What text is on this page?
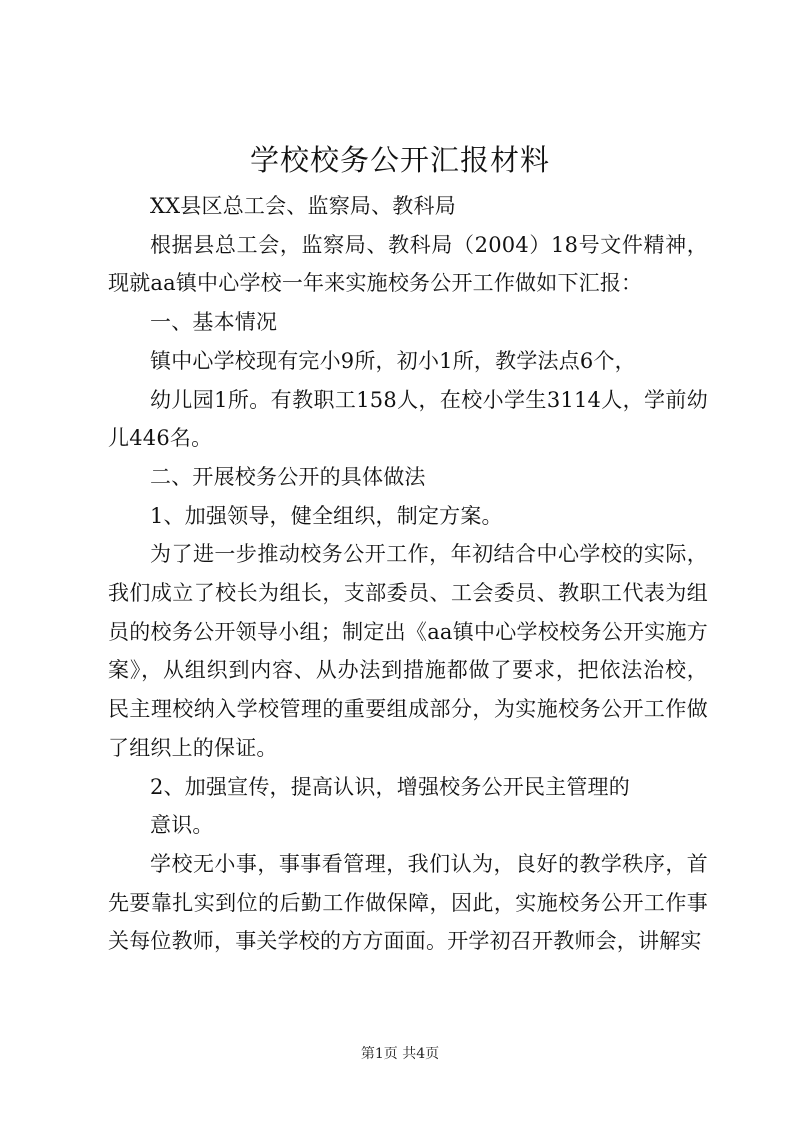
学校校务公开汇报材料

XX县区总工会、监察局、教科局

根据县总工会，监察局、教科局（2004）18号文件精神，现就aa镇中心学校一年来实施校务公开工作做如下汇报：

一、基本情况

镇中心学校现有完小9所，初小1所，教学法点6个，

幼儿园1所。有教职工158人，在校小学生3114人，学前幼儿446名。

二、开展校务公开的具体做法

1、加强领导，健全组织，制定方案。

为了进一步推动校务公开工作，年初结合中心学校的实际，我们成立了校长为组长，支部委员、工会委员、教职工代表为组员的校务公开领导小组；制定出《aa镇中心学校校务公开实施方案》，从组织到内容、从办法到措施都做了要求，把依法治校，民主理校纳入学校管理的重要组成部分，为实施校务公开工作做了组织上的保证。

2、加强宣传，提高认识，增强校务公开民主管理的

意识。

学校无小事，事事看管理，我们认为，良好的教学秩序，首先要靠扎实到位的后勤工作做保障，因此，实施校务公开工作事关每位教师，事关学校的方方面面。开学初召开教师会，讲解实

第1页 共4页
